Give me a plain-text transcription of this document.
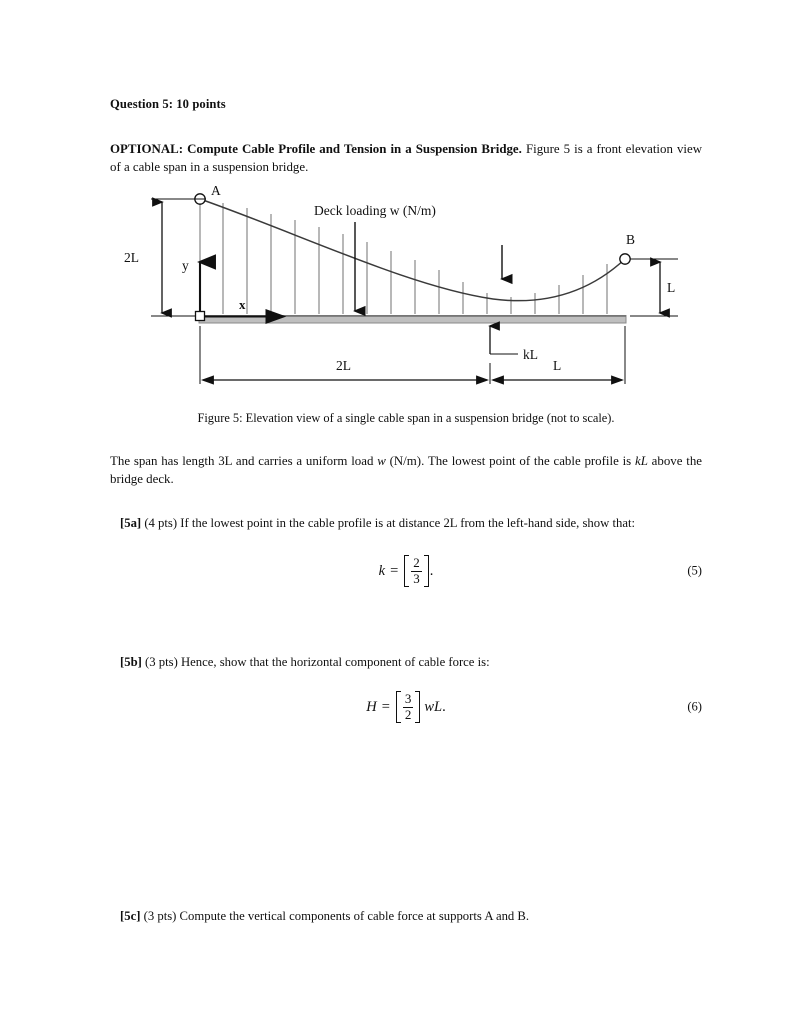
Question 5: 10 points
OPTIONAL: Compute Cable Profile and Tension in a Suspension Bridge. Figure 5 is a front elevation view of a cable span in a suspension bridge.
A
B
2L
L
y
x
Deck loading w (N/m)
kL
2L	L
Figure 5: Elevation view of a single cable span in a suspension bridge (not to scale).
The span has length 3L and carries a uniform load w (N/m). The lowest point of the cable profile is kL above the bridge deck.
[5a] (4 pts) If the lowest point in the cable profile is at distance 2L from the left-hand side, show that:
$k = \frac{2}{3}$ .	(5)
[5b] (3 pts) Hence, show that the horizontal component of cable force is:
$H = \frac{3}{2}$ wL .	(6)
[5c] (3 pts) Compute the vertical components of cable force at supports A and B.
